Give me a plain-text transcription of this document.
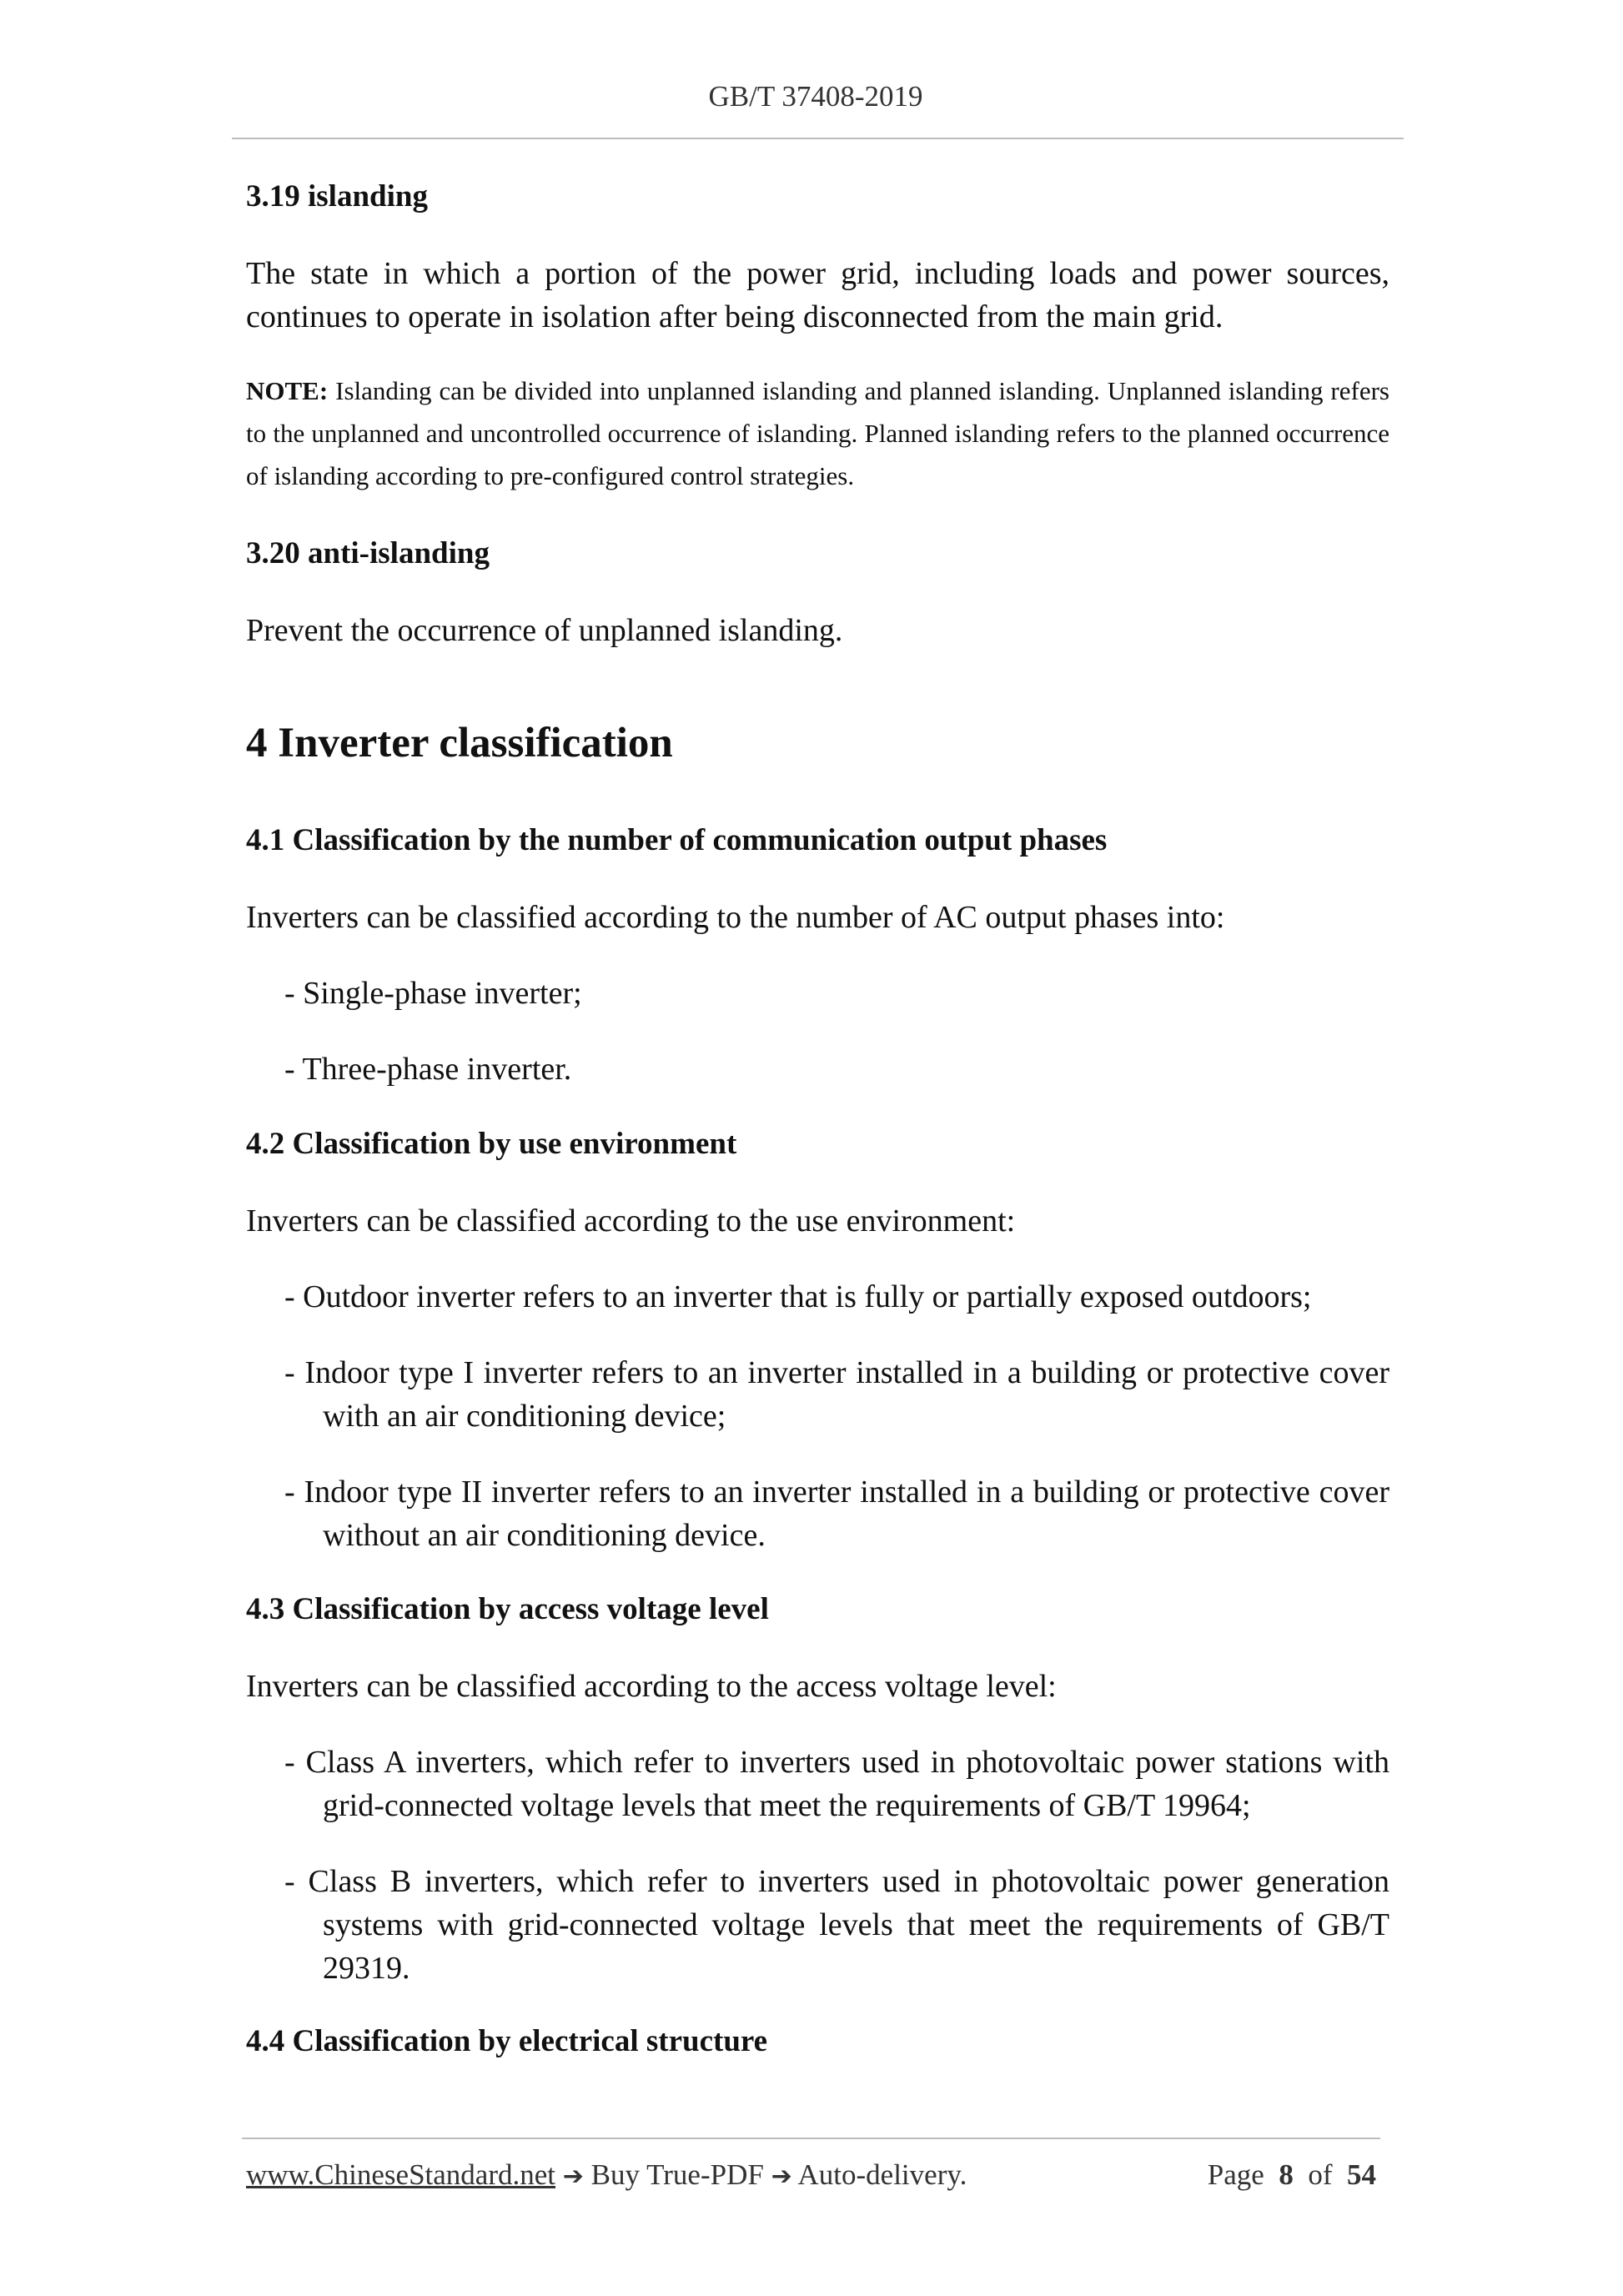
GB/T 37408-2019
3.19 islanding

The state in which a portion of the power grid, including loads and power sources, continues to operate in isolation after being disconnected from the main grid.

NOTE: Islanding can be divided into unplanned islanding and planned islanding. Unplanned islanding refers to the unplanned and uncontrolled occurrence of islanding. Planned islanding refers to the planned occurrence of islanding according to pre-configured control strategies.

3.20 anti-islanding

Prevent the occurrence of unplanned islanding.

4 Inverter classification
4.1 Classification by the number of communication output phases

Inverters can be classified according to the number of AC output phases into:

- Single-phase inverter;

- Three-phase inverter.

4.2 Classification by use environment

Inverters can be classified according to the use environment:

- Outdoor inverter refers to an inverter that is fully or partially exposed outdoors;

- Indoor type I inverter refers to an inverter installed in a building or protective cover with an air conditioning device;

- Indoor type II inverter refers to an inverter installed in a building or protective cover without an air conditioning device.

4.3 Classification by access voltage level

Inverters can be classified according to the access voltage level:

- Class A inverters, which refer to inverters used in photovoltaic power stations with grid-connected voltage levels that meet the requirements of GB/T 19964;

- Class B inverters, which refer to inverters used in photovoltaic power generation systems with grid-connected voltage levels that meet the requirements of GB/T 29319.

4.4 Classification by electrical structure
www.ChineseStandard.net ➔ Buy True-PDF ➔ Auto-delivery.	Page 8 of 54
